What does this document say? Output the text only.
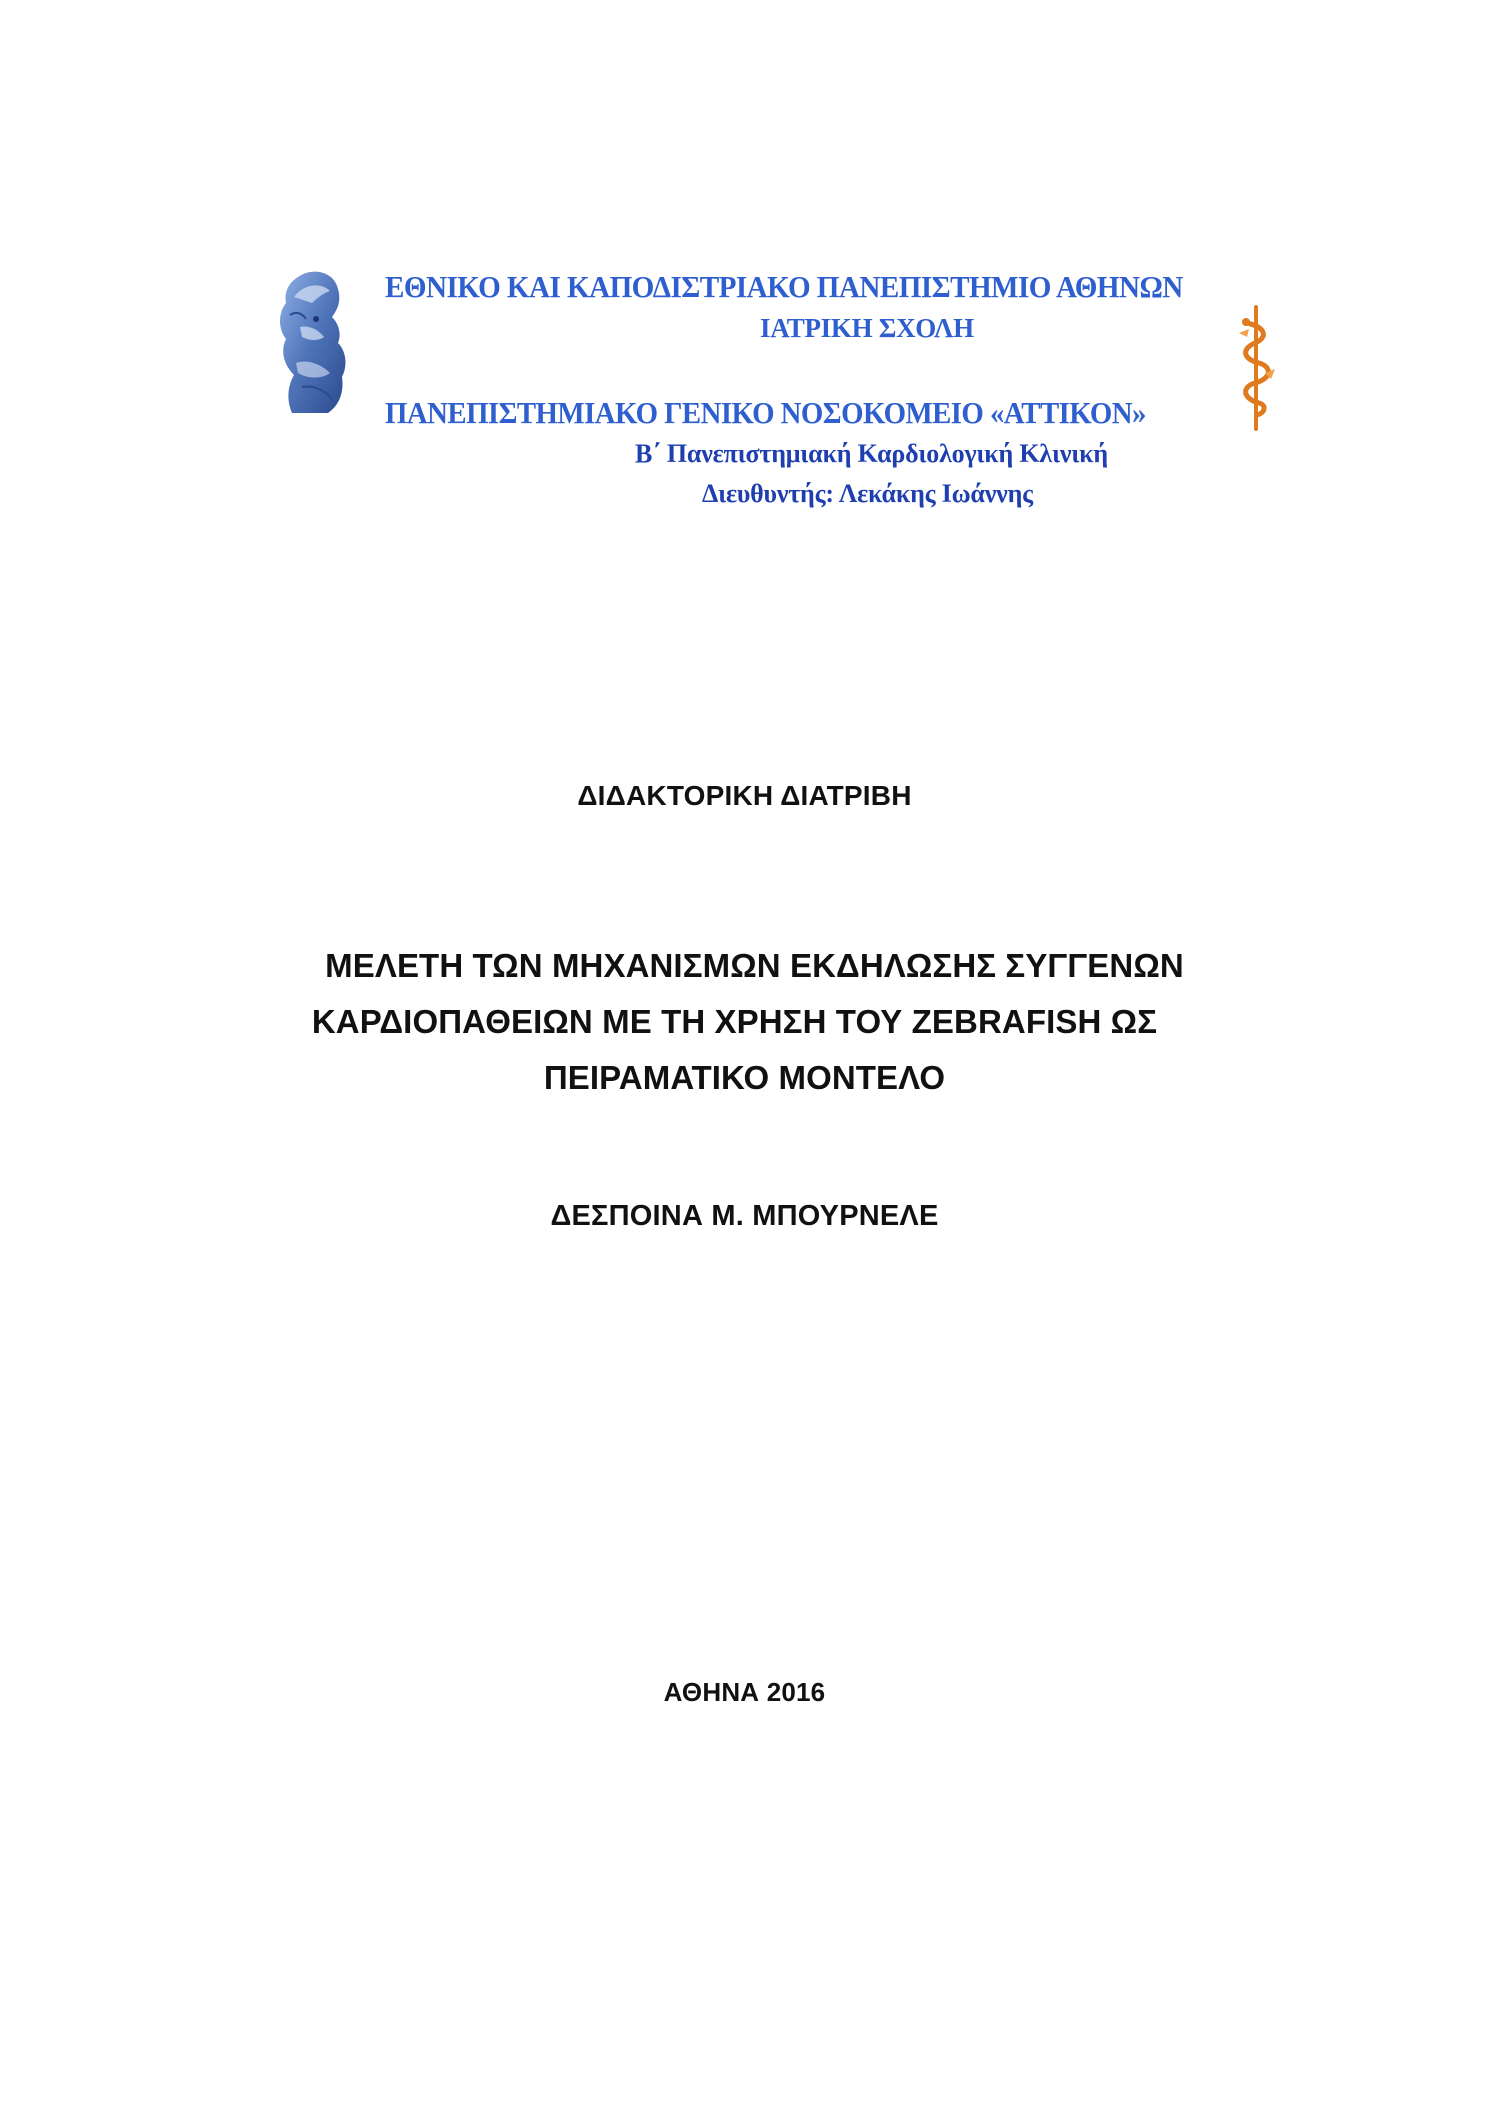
ΕΘΝΙΚΟ ΚΑΙ ΚΑΠΟΔΙΣΤΡΙΑΚΟ ΠΑΝΕΠΙΣΤΗΜΙΟ ΑΘΗΝΩΝ

ΙΑΤΡΙΚΗ ΣΧΟΛΗ

ΠΑΝΕΠΙΣΤΗΜΙΑΚΟ ΓΕΝΙΚΟ ΝΟΣΟΚΟΜΕΙΟ «ΑΤΤΙΚΟΝ»

Β΄ Πανεπιστημιακή Καρδιολογική Κλινική

Διευθυντής: Λεκάκης Ιωάννης

ΔΙΔΑΚΤΟΡΙΚΗ ΔΙΑΤΡΙΒΗ

ΜΕΛΕΤΗ ΤΩΝ ΜΗΧΑΝΙΣΜΩΝ ΕΚΔΗΛΩΣΗΣ ΣΥΓΓΕΝΩΝ
ΚΑΡΔΙΟΠΑΘΕΙΩΝ ΜΕ ΤΗ ΧΡΗΣΗ ΤΟΥ ZEBRAFISH ΩΣ
ΠΕΙΡΑΜΑΤΙΚΟ ΜΟΝΤΕΛΟ

ΔΕΣΠΟΙΝΑ Μ. ΜΠΟΥΡΝΕΛΕ

ΑΘΗΝΑ 2016
